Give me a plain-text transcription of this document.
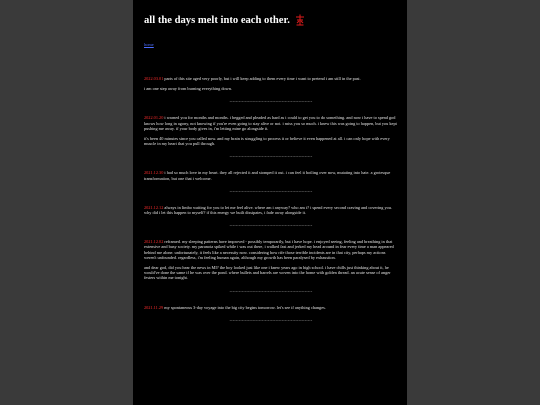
all the days melt into each other.
home

2022.03.01 parts of this site aged very poorly, but i will keep adding to them every time i want to pretend i am still in the past.

i am one step away from burning everything down.

------------------------------------------------------

2022.01.20 i warned you for months and months. i begged and pleaded as hard as i could to get you to do something. and now i have to spend god knows how long in agony, not knowing if you're even going to stay alive or not. i miss you so much. i knew this was going to happen, but you kept pushing me away. if your body gives in, i'm letting mine go alongside it.

it's been 40 minutes since you called now. and my brain is struggling to process it or believe it even happened at all. i can only hope with every muscle in my heart that you pull through.

------------------------------------------------------

2021.12.30 i had so much love in my heart. they all rejected it and stomped it out. i can feel it boiling over now, mutating into hate. a grotesque transformation, but one that i welcome.

------------------------------------------------------

2021.12.12 always in limbo waiting for you to let me feel alive. where am i anyway? who am i? i spend every second craving and covering you. why did i let this happen to myself? if this energy we built dissipates, i fade away alongside it.

------------------------------------------------------

2021.12.02 reframed. my sleeping patterns have improved - possibly temporarily, but i have hope. i enjoyed seeing, feeling and breathing in that extensive and busy society. my paranoia spiked while i was out there, i walked fast and jerked my head around in fear every time a man appeared behind me alone. unfortunately, it feels like a necessity now. considering how rife those terrible incidents are in that city, perhaps my actions weren't unfounded. regardless, i'm feeling human again, although my growth has been paralysed by exhaustion.

and dear god, did you hear the news in MI? the boy looked just like one i knew years ago in high school. i have chills just thinking about it, he would've done the same if he was over the pond. where bullets and barrels are woven into the home with golden thread. an acute sense of anger festers within me tonight.

------------------------------------------------------

2021.11.29 my spontaneous 3-day voyage into the big city begins tomorrow. let's see if anything changes.

------------------------------------------------------
